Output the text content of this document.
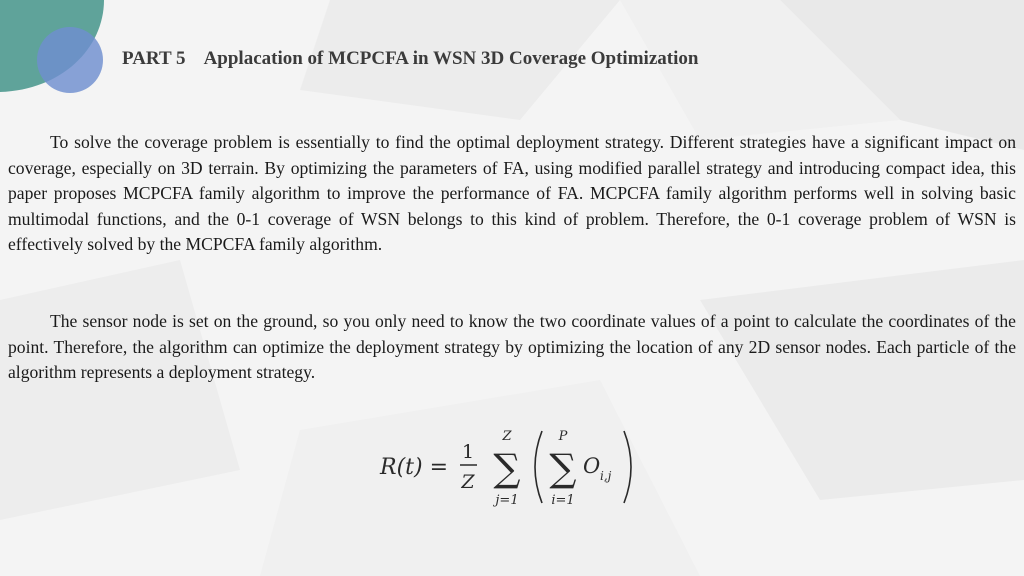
PART 5 Applacation of MCPCFA in WSN 3D Coverage Optimization

To solve the coverage problem is essentially to find the optimal deployment strategy. Different strategies have a significant impact on coverage, especially on 3D terrain. By optimizing the parameters of FA, using modified parallel strategy and introducing compact idea, this paper proposes MCPCFA family algorithm to improve the performance of FA. MCPCFA family algorithm performs well in solving basic multimodal functions, and the 0-1 coverage of WSN belongs to this kind of problem. Therefore, the 0-1 coverage problem of WSN is effectively solved by the MCPCFA family algorithm.

The sensor node is set on the ground, so you only need to know the two coordinate values of a point to calculate the coordinates of the point. Therefore, the algorithm can optimize the deployment strategy by optimizing the location of any 2D sensor nodes. Each particle of the algorithm represents a deployment strategy.

R(t) =
1
Z
Z
∑
j=1
P
∑
i=1
O i,j
